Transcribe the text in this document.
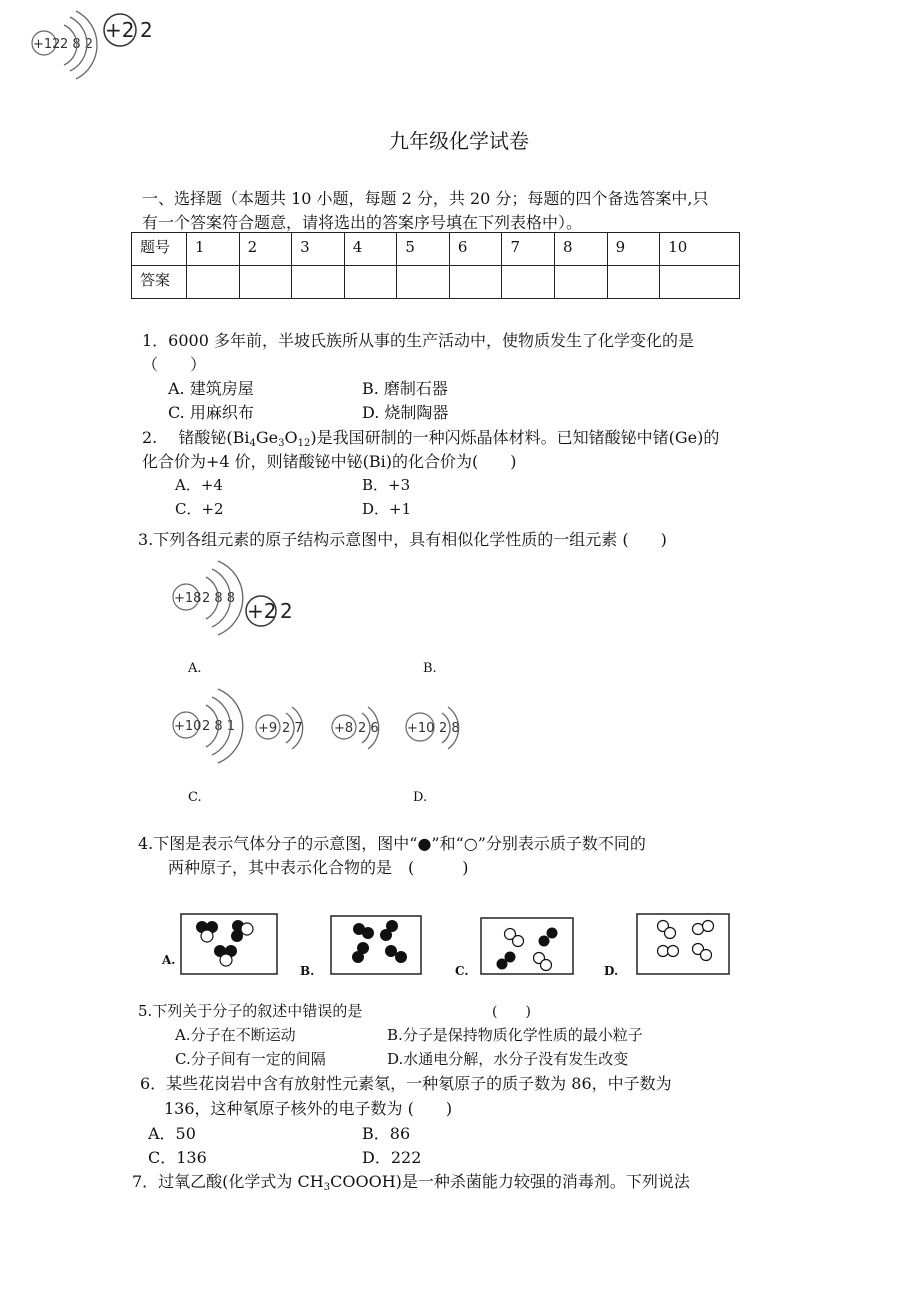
+12 2 8 2
+2 2
九年级化学试卷
一、选择题（本题共 10 小题，每题 2 分，共 20 分；每题的四个备选答案中,只
有一个答案符合题意，请将选出的答案序号填在下列表格中）。
题号	1	2	3	4	5	6	7	8	9	10
答案										
1．6000 多年前，半坡氏族所从事的生产活动中，使物质发生了化学变化的是
（　　）
A. 建筑房屋	B. 磨制石器
C. 用麻织布	D. 烧制陶器
2.　 锗酸铋$(Bi_4Ge_3O_{12})$是我国研制的一种闪烁晶体材料。已知锗酸铋中锗(Ge)的
化合价为+4 价，则锗酸铋中铋(Bi)的化合价为(　　)
A．+4	B．+3
C．+2	D．+1
3.下列各组元素的原子结构示意图中，具有相似化学性质的一组元素 (　　)
+18 2 8 8
+2 2
A.	B.
+10 2 8 1 +9 2 7 +8 2 6 +10 2 8
C.	D.
4.下图是表示气体分子的示意图，图中“●”和“○”分别表示质子数不同的
两种原子，其中表示化合物的是　(　　　)
A.
B.	C.	D.
5.下列关于分子的叙述中错误的是	(　　)
A.分子在不断运动	B.分子是保持物质化学性质的最小粒子
C.分子间有一定的间隔	D.水通电分解，水分子没有发生改变
6．某些花岗岩中含有放射性元素氡，一种氡原子的质子数为 86，中子数为
136，这种氡原子核外的电子数为 (　　)
A．50	B．86
C．136	D．222
7．过氧乙酸(化学式为 $CH_3COOOH$)是一种杀菌能力较强的消毒剂。下列说法
